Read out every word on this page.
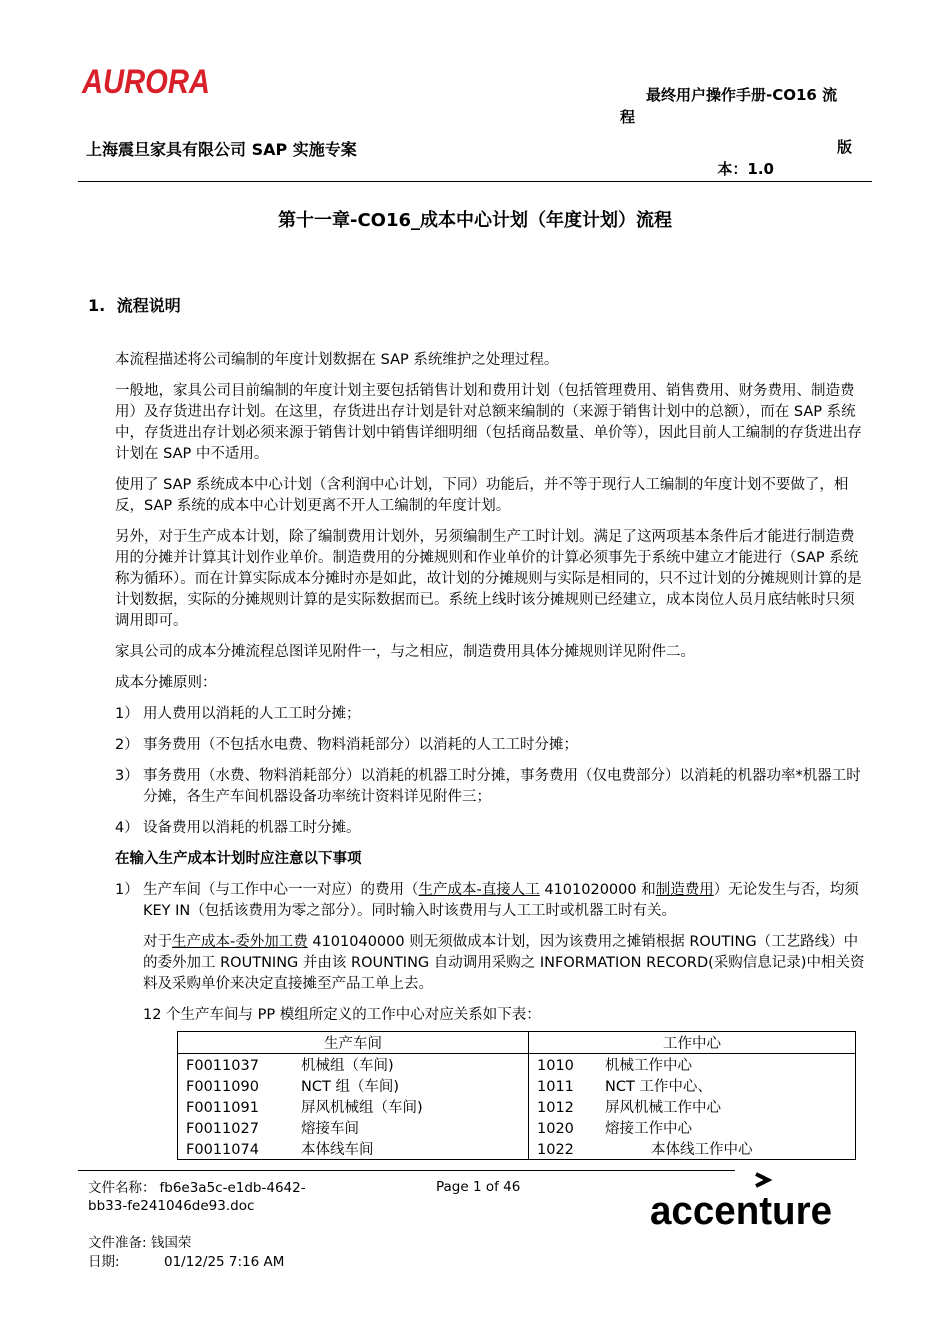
AURORA	最终用户操作手册-CO16 流程
上海震旦家具有限公司 SAP 实施专案	版
本：1.0
第十一章-CO16_成本中心计划（年度计划）流程
1. 流程说明

本流程描述将公司编制的年度计划数据在 SAP 系统维护之处理过程。

一般地，家具公司目前编制的年度计划主要包括销售计划和费用计划（包括管理费用、销售费用、财务费用、制造费用）及存货进出存计划。在这里，存货进出存计划是针对总额来编制的（来源于销售计划中的总额），而在 SAP 系统中，存货进出存计划必须来源于销售计划中销售详细明细（包括商品数量、单价等），因此目前人工编制的存货进出存计划在 SAP 中不适用。

使用了 SAP 系统成本中心计划（含利润中心计划，下同）功能后，并不等于现行人工编制的年度计划不要做了，相反，SAP 系统的成本中心计划更离不开人工编制的年度计划。

另外，对于生产成本计划，除了编制费用计划外，另须编制生产工时计划。满足了这两项基本条件后才能进行制造费用的分摊并计算其计划作业单价。制造费用的分摊规则和作业单价的计算必须事先于系统中建立才能进行（SAP 系统称为循环）。而在计算实际成本分摊时亦是如此，故计划的分摊规则与实际是相同的，只不过计划的分摊规则计算的是计划数据，实际的分摊规则计算的是实际数据而已。系统上线时该分摊规则已经建立，成本岗位人员月底结帐时只须调用即可。

家具公司的成本分摊流程总图详见附件一，与之相应，制造费用具体分摊规则详见附件二。

成本分摊原则：

1） 用人费用以消耗的人工工时分摊；
2） 事务费用（不包括水电费、物料消耗部分）以消耗的人工工时分摊；
3） 事务费用（水费、物料消耗部分）以消耗的机器工时分摊，事务费用（仅电费部分）以消耗的机器功率*机器工时分摊，各生产车间机器设备功率统计资料详见附件三；
4） 设备费用以消耗的机器工时分摊。

在输入生产成本计划时应注意以下事项

1） 生产车间（与工作中心一一对应）的费用（生产成本-直接人工 4101020000 和制造费用）无论发生与否，均须 KEY IN（包括该费用为零之部分）。同时输入时该费用与人工工时或机器工时有关。

对于生产成本-委外加工费 4101040000 则无须做成本计划，因为该费用之摊销根据 ROUTING（工艺路线）中的委外加工 ROUTNING 并由该 ROUNTING 自动调用采购之 INFORMATION RECORD(采购信息记录)中相关资料及采购单价来决定直接摊至产品工单上去。

12 个生产车间与 PP 模组所定义的工作中心对应关系如下表：

生产车间	工作中心
F0011037 机械组（车间)	1010 机械工作中心
F0011090 NCT 组（车间)	1011 NCT 工作中心、
F0011091 屏风机械组（车间)	1012 屏风机械工作中心
F0011027 熔接车间	1020 熔接工作中心
F0011074 本体线车间	1022 本体线工作中心
文件名称： fb6e3a5c-e1db-4642-
bb33-fe241046de93.doc
Page 1 of 46
文件准备: 钱国荣
日期:	01/12/25 7:16 AM
accenture
